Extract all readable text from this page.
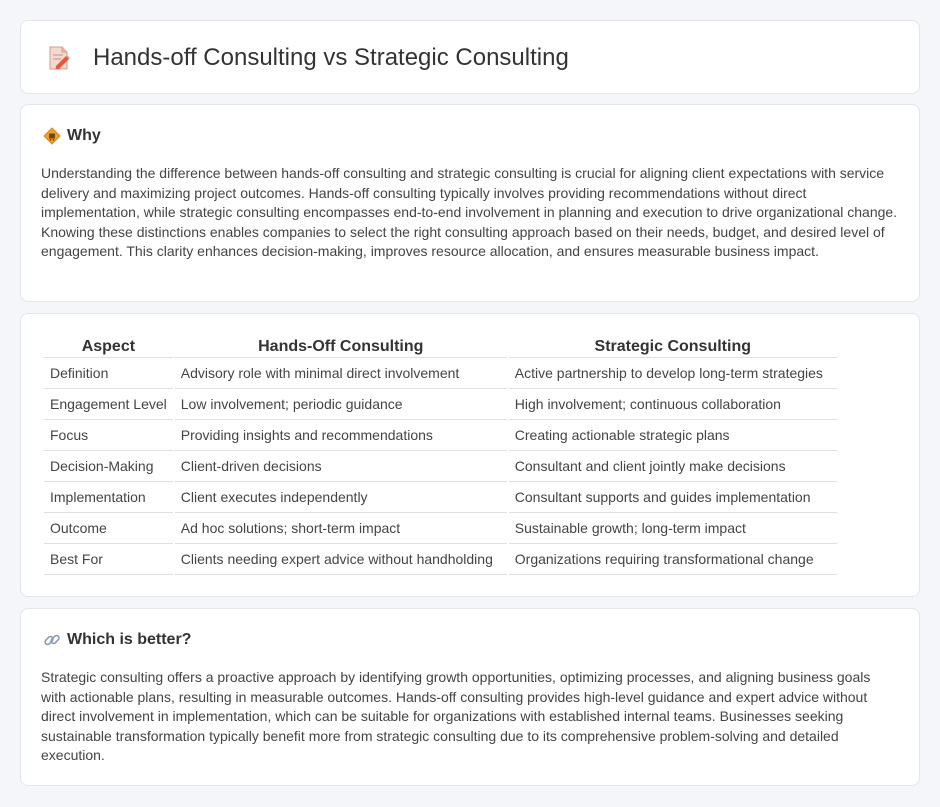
Hands-off Consulting vs Strategic Consulting
Why

Understanding the difference between hands-off consulting and strategic consulting is crucial for aligning client expectations with service delivery and maximizing project outcomes. Hands-off consulting typically involves providing recommendations without direct implementation, while strategic consulting encompasses end-to-end involvement in planning and execution to drive organizational change. Knowing these distinctions enables companies to select the right consulting approach based on their needs, budget, and desired level of engagement. This clarity enhances decision-making, improves resource allocation, and ensures measurable business impact.

Aspect	Hands-Off Consulting	Strategic Consulting
Definition	Advisory role with minimal direct involvement	Active partnership to develop long-term strategies
Engagement Level	Low involvement; periodic guidance	High involvement; continuous collaboration
Focus	Providing insights and recommendations	Creating actionable strategic plans
Decision-Making	Client-driven decisions	Consultant and client jointly make decisions
Implementation	Client executes independently	Consultant supports and guides implementation
Outcome	Ad hoc solutions; short-term impact	Sustainable growth; long-term impact
Best For	Clients needing expert advice without handholding	Organizations requiring transformational change
Which is better?

Strategic consulting offers a proactive approach by identifying growth opportunities, optimizing processes, and aligning business goals with actionable plans, resulting in measurable outcomes. Hands-off consulting provides high-level guidance and expert advice without direct involvement in implementation, which can be suitable for organizations with established internal teams. Businesses seeking sustainable transformation typically benefit more from strategic consulting due to its comprehensive problem-solving and detailed execution.
